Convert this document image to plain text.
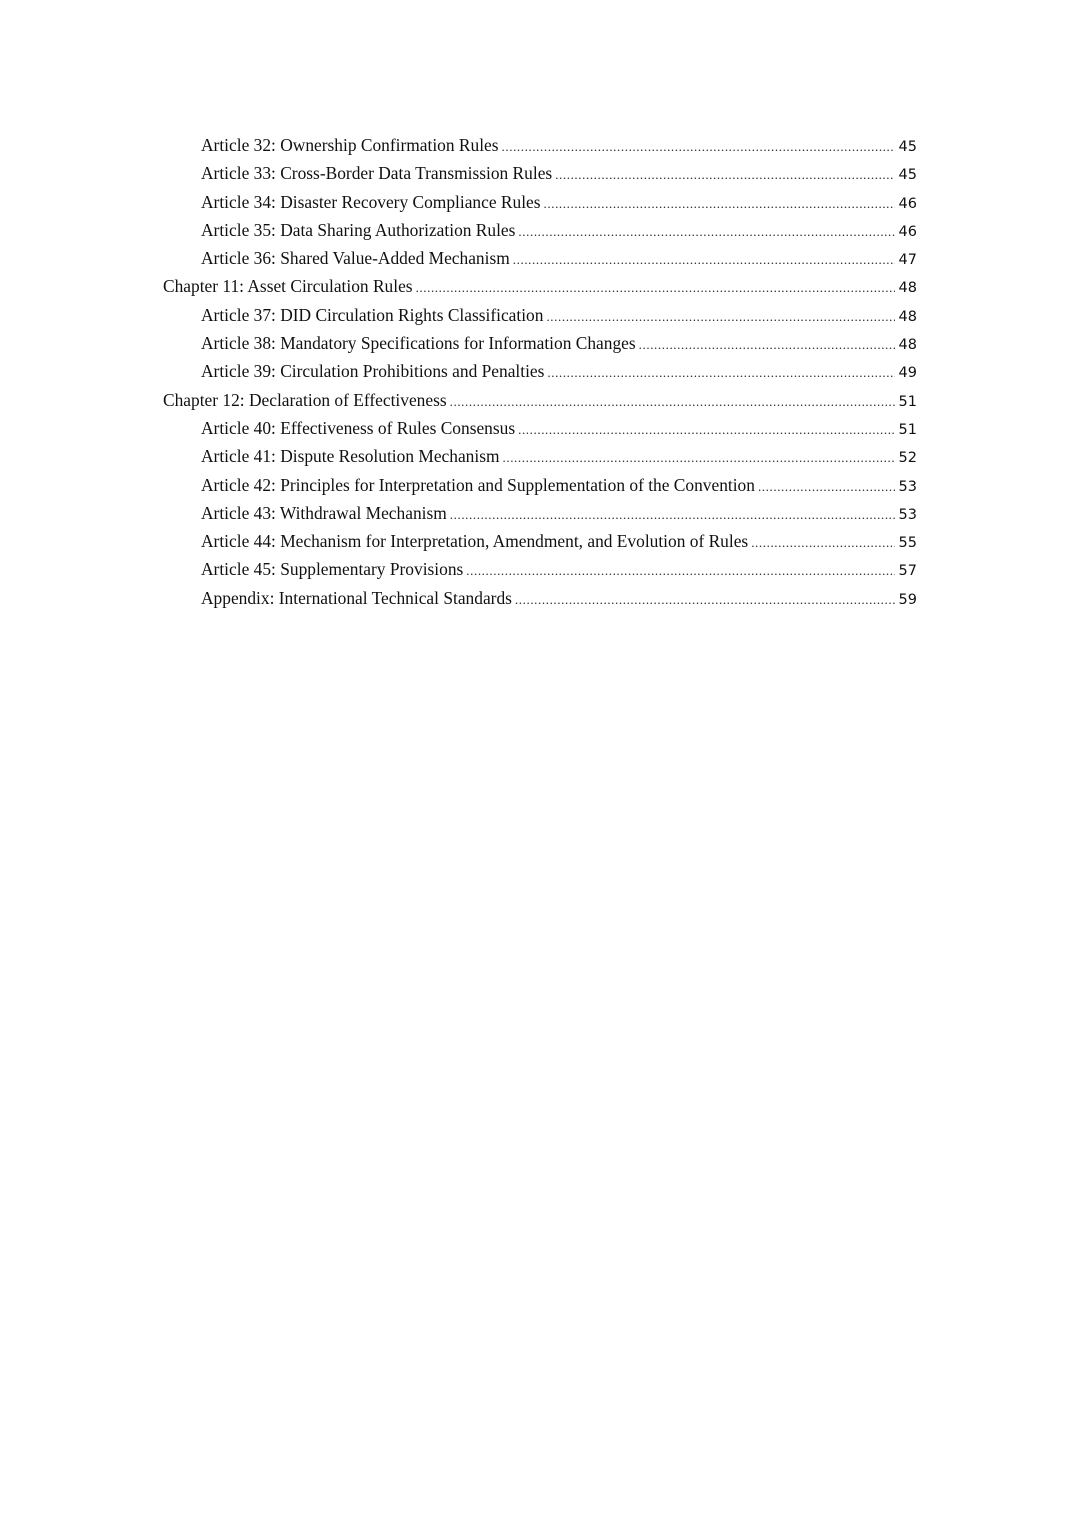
Article 32: Ownership Confirmation Rules .....	45
Article 33: Cross-Border Data Transmission Rules .....	45
Article 34: Disaster Recovery Compliance Rules .....	46
Article 35: Data Sharing Authorization Rules .....	46
Article 36: Shared Value-Added Mechanism .....	47
Chapter 11: Asset Circulation Rules .....	48
Article 37: DID Circulation Rights Classification .....	48
Article 38: Mandatory Specifications for Information Changes .....	48
Article 39: Circulation Prohibitions and Penalties .....	49
Chapter 12: Declaration of Effectiveness .....	51
Article 40: Effectiveness of Rules Consensus .....	51
Article 41: Dispute Resolution Mechanism .....	52
Article 42: Principles for Interpretation and Supplementation of the Convention .....	53
Article 43: Withdrawal Mechanism .....	53
Article 44: Mechanism for Interpretation, Amendment, and Evolution of Rules .....	55
Article 45: Supplementary Provisions .....	57
Appendix: International Technical Standards .....	59
